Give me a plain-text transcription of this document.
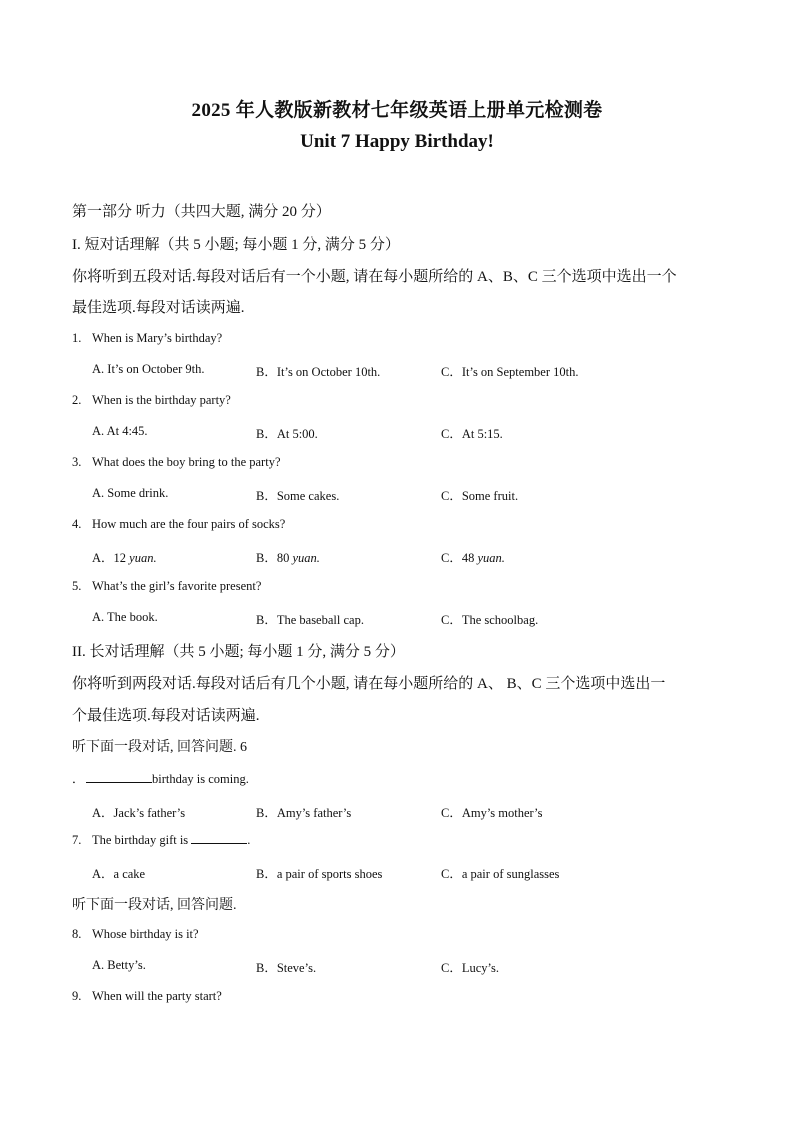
2025 年人教版新教材七年级英语上册单元检测卷
Unit 7 Happy Birthday!
第一部分 听力（共四大题, 满分 20 分）
I. 短对话理解（共 5 小题; 每小题 1 分, 满分 5 分）
你将听到五段对话.每段对话后有一个小题, 请在每小题所给的 A、B、C 三个选项中选出一个
最佳选项.每段对话读两遍.
1. When is Mary’s birthday?
A. It’s on October 9th.	B．It’s on October 10th.	C．It’s on September 10th.
2. When is the birthday party?
A. At 4:45.	B．At 5:00.	C．At 5:15.
3. What does the boy bring to the party?
A. Some drink.	B．Some cakes.	C．Some fruit.
4. How much are the four pairs of socks?
A．12 yuan.	B．80 yuan.	C．48 yuan.
5. What’s the girl’s favorite present?
A. The book.	B．The baseball cap.	C．The schoolbag.
II. 长对话理解（共 5 小题; 每小题 1 分, 满分 5 分）
你将听到两段对话.每段对话后有几个小题, 请在每小题所给的 A、 B、C 三个选项中选出一
个最佳选项.每段对话读两遍.
听下面一段对话, 回答问题. 6
．	birthday is coming.
A．Jack’s father’s	B．Amy’s father’s	C．Amy’s mother’s
7. The birthday gift is	.
A．a cake	B．a pair of sports shoes	C．a pair of sunglasses
听下面一段对话, 回答问题.
8. Whose birthday is it?
A. Betty’s.	B．Steve’s.	C．Lucy’s.
9. When will the party start?
